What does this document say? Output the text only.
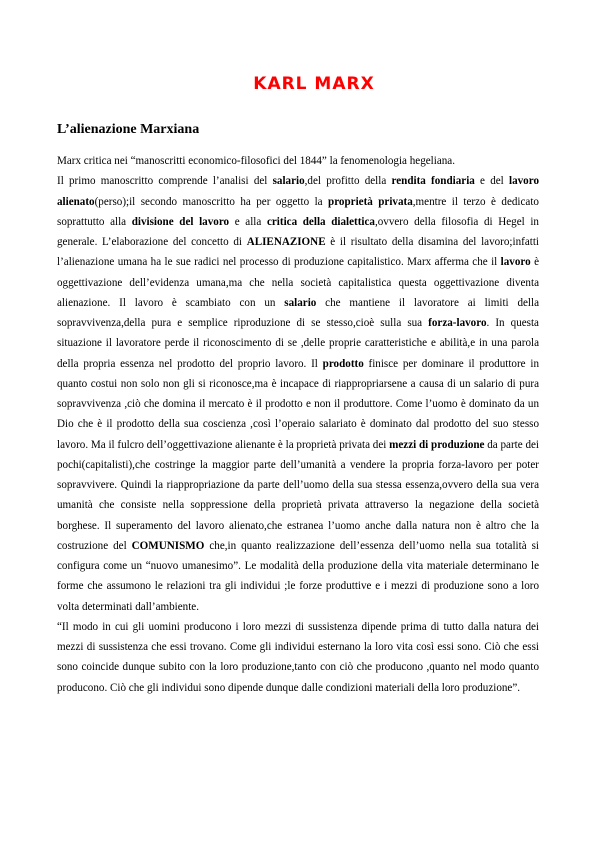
KARL MARX
L’alienazione Marxiana

Marx critica nei “manoscritti economico-filosofici del 1844” la fenomenologia hegeliana.

Il primo manoscritto comprende l’analisi del salario,del profitto della rendita fondiaria e del lavoro alienato(perso);il secondo manoscritto ha per oggetto la proprietà privata,mentre il terzo è dedicato soprattutto alla divisione del lavoro e alla critica della dialettica,ovvero della filosofia di Hegel in generale. L’elaborazione del concetto di ALIENAZIONE è il risultato della disamina del lavoro;infatti l’alienazione umana ha le sue radici nel processo di produzione capitalistico. Marx afferma che il lavoro è oggettivazione dell’evidenza umana,ma che nella società capitalistica questa oggettivazione diventa alienazione. Il lavoro è scambiato con un salario che mantiene il lavoratore ai limiti della sopravvivenza,della pura e semplice riproduzione di se stesso,cioè sulla sua forza-lavoro. In questa situazione il lavoratore perde il riconoscimento di se ,delle proprie caratteristiche e abilità,e in una parola della propria essenza nel prodotto del proprio lavoro. Il prodotto finisce per dominare il produttore in quanto costui non solo non gli si riconosce,ma è incapace di riappropriarsene a causa di un salario di pura sopravvivenza ,ciò che domina il mercato è il prodotto e non il produttore. Come l’uomo è dominato da un Dio che è il prodotto della sua coscienza ,così l’operaio salariato è dominato dal prodotto del suo stesso lavoro. Ma il fulcro dell’oggettivazione alienante è la proprietà privata dei mezzi di produzione da parte dei pochi(capitalisti),che costringe la maggior parte dell’umanità a vendere la propria forza-lavoro per poter sopravvivere. Quindi la riappropriazione da parte dell’uomo della sua stessa essenza,ovvero della sua vera umanità che consiste nella soppressione della proprietà privata attraverso la negazione della società borghese. Il superamento del lavoro alienato,che estranea l’uomo anche dalla natura non è altro che la costruzione del COMUNISMO che,in quanto realizzazione dell’essenza dell’uomo nella sua totalità si configura come un “nuovo umanesimo”. Le modalità della produzione della vita materiale determinano le forme che assumono le relazioni tra gli individui ;le forze produttive e i mezzi di produzione sono a loro volta determinati dall’ambiente.

“Il modo in cui gli uomini producono i loro mezzi di sussistenza dipende prima di tutto dalla natura dei mezzi di sussistenza che essi trovano. Come gli individui esternano la loro vita così essi sono. Ciò che essi sono coincide dunque subito con la loro produzione,tanto con ciò che producono ,quanto nel modo quanto producono. Ciò che gli individui sono dipende dunque dalle condizioni materiali della loro produzione”.
